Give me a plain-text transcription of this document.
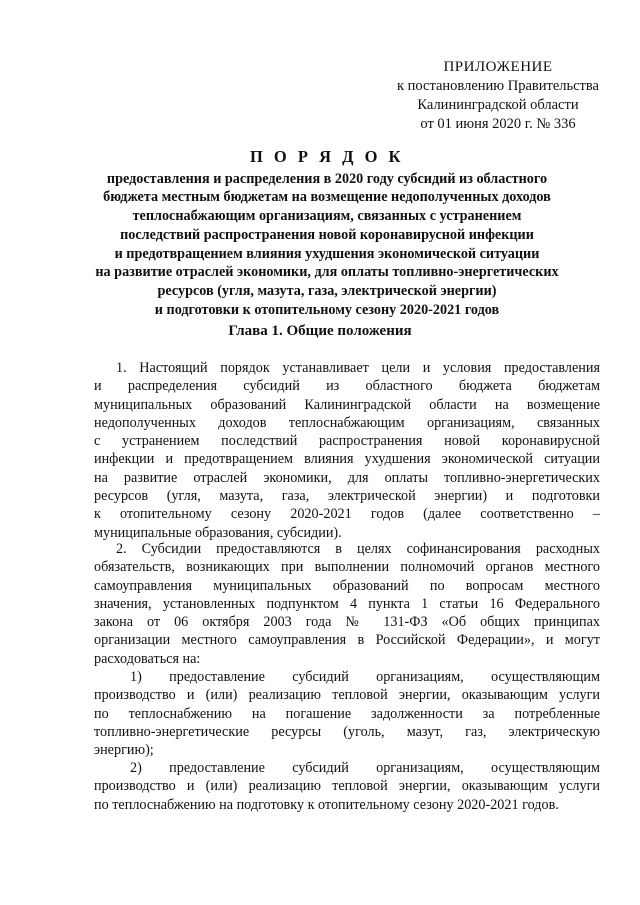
ПРИЛОЖЕНИЕ
к постановлению Правительства
Калининградской области
от 01 июня 2020 г. № 336
П О Р Я Д О К
предоставления и распределения в 2020 году субсидий из областного
бюджета местным бюджетам на возмещение недополученных доходов
теплоснабжающим организациям, связанных с устранением
последствий распространения новой коронавирусной инфекции
и предотвращением влияния ухудшения экономической ситуации
на развитие отраслей экономики, для оплаты топливно-энергетических
ресурсов (угля, мазута, газа, электрической энергии)
и подготовки к отопительному сезону 2020-2021 годов
Глава 1. Общие положения
1. Настоящий порядок устанавливает цели и условия предоставления
и распределения субсидий из областного бюджета бюджетам
муниципальных образований Калининградской области на возмещение
недополученных доходов теплоснабжающим организациям, связанных
с устранением последствий распространения новой коронавирусной
инфекции и предотвращением влияния ухудшения экономической ситуации
на развитие отраслей экономики, для оплаты топливно-энергетических
ресурсов (угля, мазута, газа, электрической энергии) и подготовки
к отопительному сезону 2020-2021 годов (далее соответственно –
муниципальные образования, субсидии).
2. Субсидии предоставляются в целях софинансирования расходных
обязательств, возникающих при выполнении полномочий органов местного
самоуправления муниципальных образований по вопросам местного
значения, установленных подпунктом 4 пункта 1 статьи 16 Федерального
закона от 06 октября 2003 года № 131-ФЗ «Об общих принципах
организации местного самоуправления в Российской Федерации», и могут
расходоваться на:
1) предоставление субсидий организациям, осуществляющим
производство и (или) реализацию тепловой энергии, оказывающим услуги
по теплоснабжению на погашение задолженности за потребленные
топливно-энергетические ресурсы (уголь, мазут, газ, электрическую
энергию);
2) предоставление субсидий организациям, осуществляющим
производство и (или) реализацию тепловой энергии, оказывающим услуги
по теплоснабжению на подготовку к отопительному сезону 2020-2021 годов.
